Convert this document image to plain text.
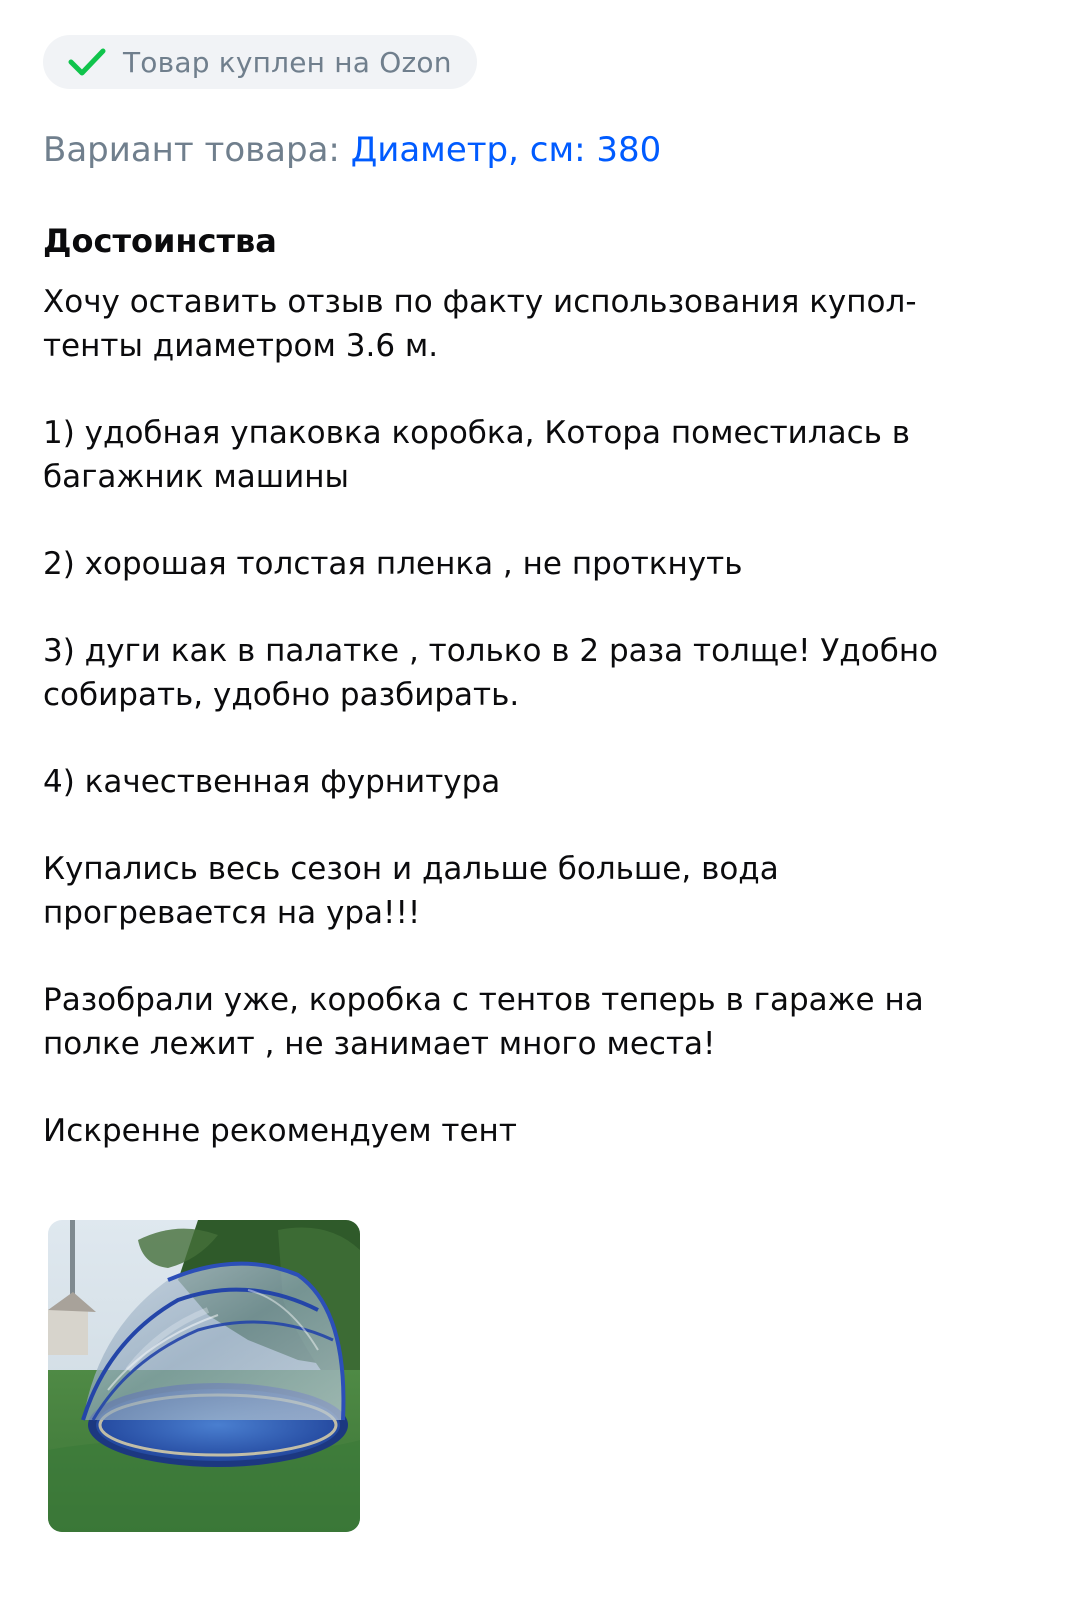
Товар куплен на Ozon
Вариант товара: Диаметр, см: 380
Достоинства

Хочу оставить отзыв по факту использования купол-
тенты диаметром 3.6 м.

1) удобная упаковка коробка, Котора поместилась в
багажник машины

2) хорошая толстая пленка , не проткнуть

3) дуги как в палатке , только в 2 раза толще! Удобно
собирать, удобно разбирать.

4) качественная фурнитура

Купались весь сезон и дальше больше, вода
прогревается на ура!!!

Разобрали уже, коробка с тентов теперь в гараже на
полке лежит , не занимает много места!

Искренне рекомендуем тент
